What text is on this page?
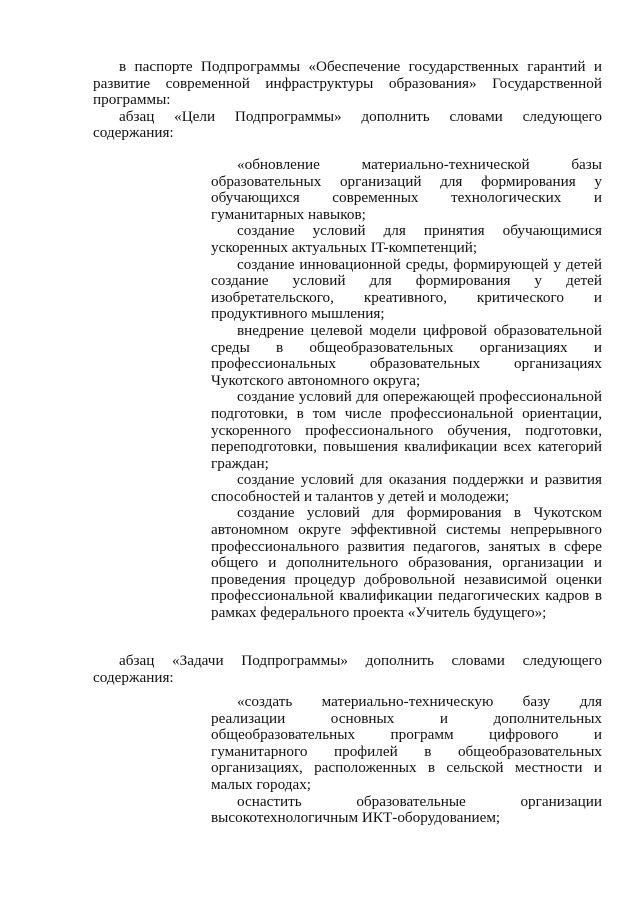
в паспорте Подпрограммы «Обеспечение государственных гарантий и развитие современной инфраструктуры образования» Государственной программы:

абзац «Цели Подпрограммы» дополнить словами следующего содержания:

«обновление материально-технической базы образовательных организаций для формирования у обучающихся современных технологических и гуманитарных навыков;

создание условий для принятия обучающимися ускоренных актуальных IT-компетенций;

создание инновационной среды, формирующей у детей создание условий для формирования у детей изобретательского, креативного, критического и продуктивного мышления;

внедрение целевой модели цифровой образовательной среды в общеобразовательных организациях и профессиональных образовательных организациях Чукотского автономного округа;

создание условий для опережающей профессиональной подготовки, в том числе профессиональной ориентации, ускоренного профессионального обучения, подготовки, переподготовки, повышения квалификации всех категорий граждан;

создание условий для оказания поддержки и развития способностей и талантов у детей и молодежи;

создание условий для формирования в Чукотском автономном округе эффективной системы непрерывного профессионального развития педагогов, занятых в сфере общего и дополнительного образования, организации и проведения процедур добровольной независимой оценки профессиональной квалификации педагогических кадров в рамках федерального проекта «Учитель будущего»;

абзац «Задачи Подпрограммы» дополнить словами следующего содержания:

«создать материально-техническую базу для реализации основных и дополнительных общеобразовательных программ цифрового и гуманитарного профилей в общеобразовательных организациях, расположенных в сельской местности и малых городах;

оснастить образовательные организации высокотехнологичным ИКТ-оборудованием;
